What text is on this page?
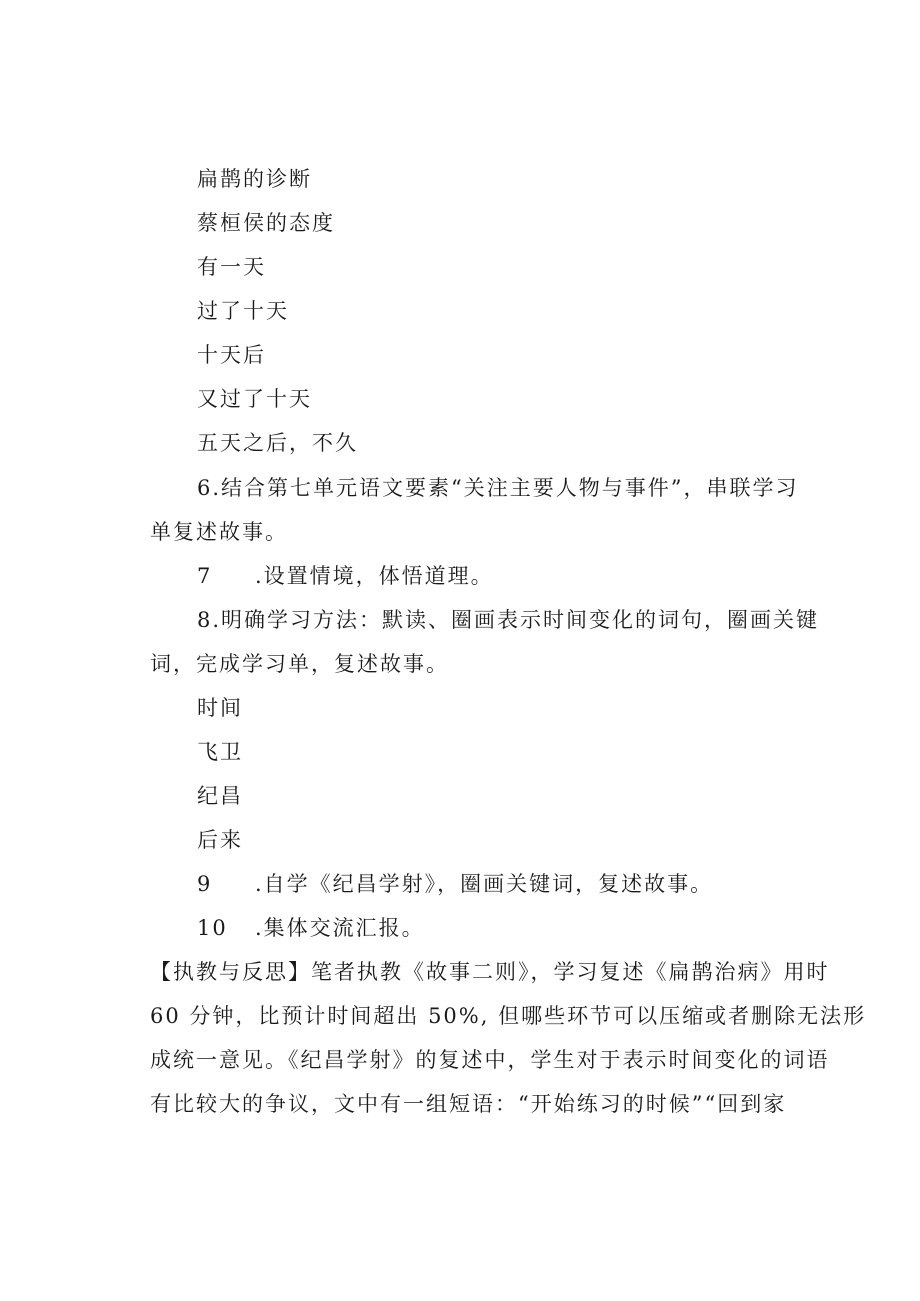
扁鹊的诊断
蔡桓侯的态度
有一天
过了十天
十天后
又过了十天
五天之后，不久
6.结合第七单元语文要素“关注主要人物与事件”，串联学习
单复述故事。
7 .设置情境，体悟道理。
8.明确学习方法：默读、圈画表示时间变化的词句，圈画关键
词，完成学习单，复述故事。
时间
飞卫
纪昌
后来
9 .自学《纪昌学射》，圈画关键词，复述故事。
10 .集体交流汇报。
【执教与反思】笔者执教《故事二则》，学习复述《扁鹊治病》用时
60 分钟，比预计时间超出 50%, 但哪些环节可以压缩或者删除无法形
成统一意见。《纪昌学射》的复述中，学生对于表示时间变化的词语
有比较大的争议，文中有一组短语：“开始练习的时候”“回到家
